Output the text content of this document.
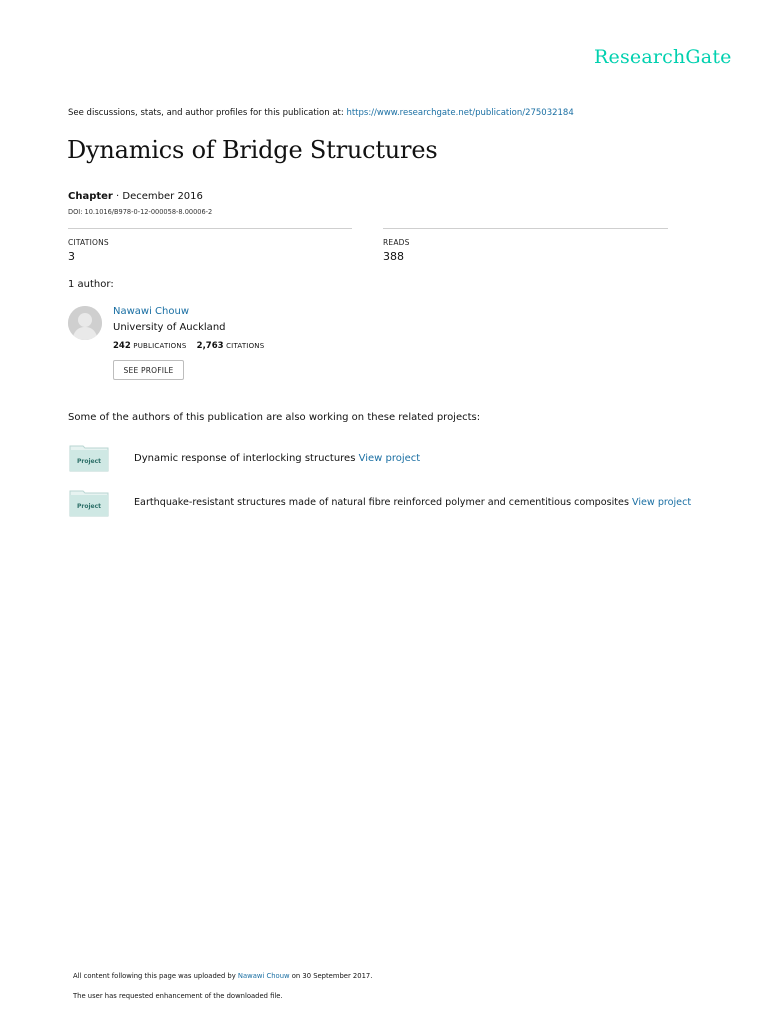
ResearchGate
See discussions, stats, and author profiles for this publication at: https://www.researchgate.net/publication/275032184
Dynamics of Bridge Structures
Chapter · December 2016
DOI: 10.1016/B978-0-12-000058-8.00006-2
CITATIONS
3
READS
388
1 author:
Nawawi Chouw
University of Auckland
242 PUBLICATIONS 2,763 CITATIONS
SEE PROFILE
Some of the authors of this publication are also working on these related projects:
Project	Dynamic response of interlocking structures View project
Project	Earthquake-resistant structures made of natural fibre reinforced polymer and cementitious composites View project
All content following this page was uploaded by Nawawi Chouw on 30 September 2017.
The user has requested enhancement of the downloaded file.
